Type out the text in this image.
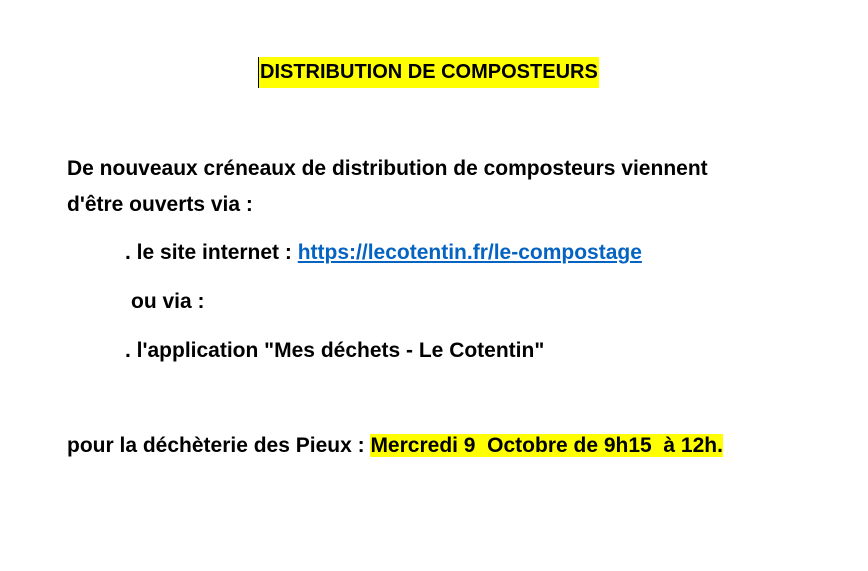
DISTRIBUTION DE COMPOSTEURS
De nouveaux créneaux de distribution de composteurs viennent
d'être ouverts via :
. le site internet : https://lecotentin.fr/le-compostage
ou via :
. l'application "Mes déchets - Le Cotentin"
pour la déchèterie des Pieux : Mercredi 9  Octobre de 9h15  à 12h.
